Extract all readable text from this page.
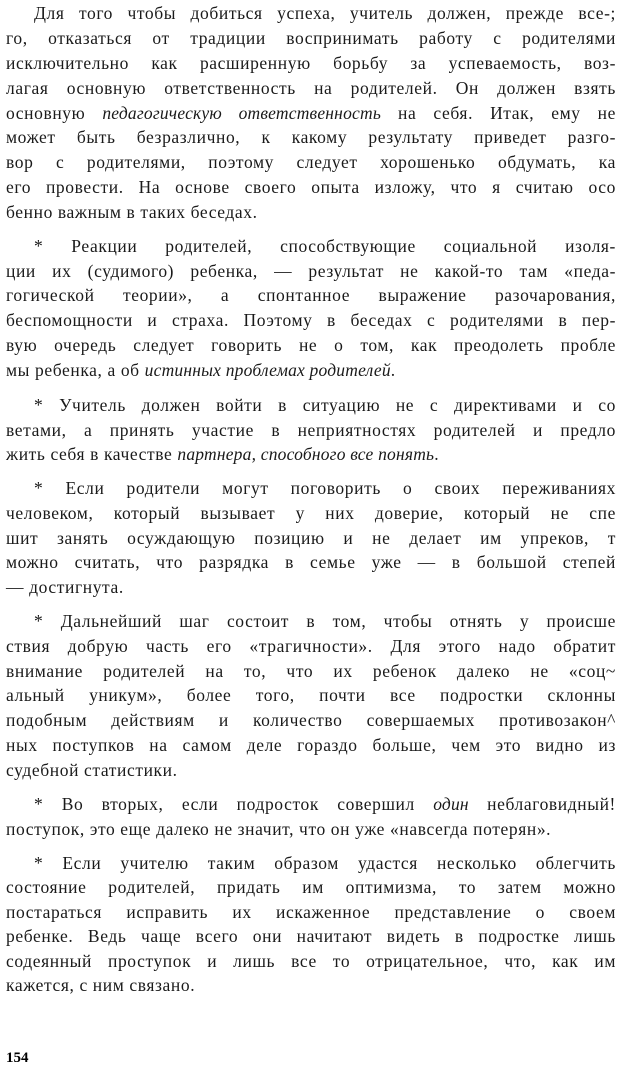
Для того чтобы добиться успеха, учитель должен, прежде все-;
го, отказаться от традиции воспринимать работу с родителями
исключительно как расширенную борьбу за успеваемость, воз-
лагая основную ответственность на родителей. Он должен взять
основную педагогическую ответственность на себя. Итак, ему не
может быть безразлично, к какому результату приведет разго-
вор с родителями, поэтому следует хорошенько обдумать, ка
его провести. На основе своего опыта изложу, что я считаю осо
бенно важным в таких беседах.
* Реакции родителей, способствующие социальной изоля-
ции их (судимого) ребенка, — результат не какой-то там «педа-
гогической теории», а спонтанное выражение разочарования,
беспомощности и страха. Поэтому в беседах с родителями в пер-
вую очередь следует говорить не о том, как преодолеть пробле
мы ребенка, а об истинных проблемах родителей.
* Учитель должен войти в ситуацию не с директивами и со
ветами, а принять участие в неприятностях родителей и предло
жить себя в качестве партнера, способного все понять.
* Если родители могут поговорить о своих переживаниях
человеком, который вызывает у них доверие, который не спе
шит занять осуждающую позицию и не делает им упреков, т
можно считать, что разрядка в семье уже — в большой степей
— достигнута.
* Дальнейший шаг состоит в том, чтобы отнять у происше
ствия добрую часть его «трагичности». Для этого надо обратит
внимание родителей на то, что их ребенок далеко не «соц~
альный уникум», более того, почти все подростки склонны
подобным действиям и количество совершаемых противозакон^
ных поступков на самом деле гораздо больше, чем это видно из
судебной статистики.
* Во вторых, если подросток совершил один неблаговидный!
поступок, это еще далеко не значит, что он уже «навсегда потерян».
* Если учителю таким образом удастся несколько облегчить
состояние родителей, придать им оптимизма, то затем можно
постараться исправить их искаженное представление о своем
ребенке. Ведь чаще всего они начитают видеть в подростке лишь
содеянный проступок и лишь все то отрицательное, что, как им
кажется, с ним связано.
154
